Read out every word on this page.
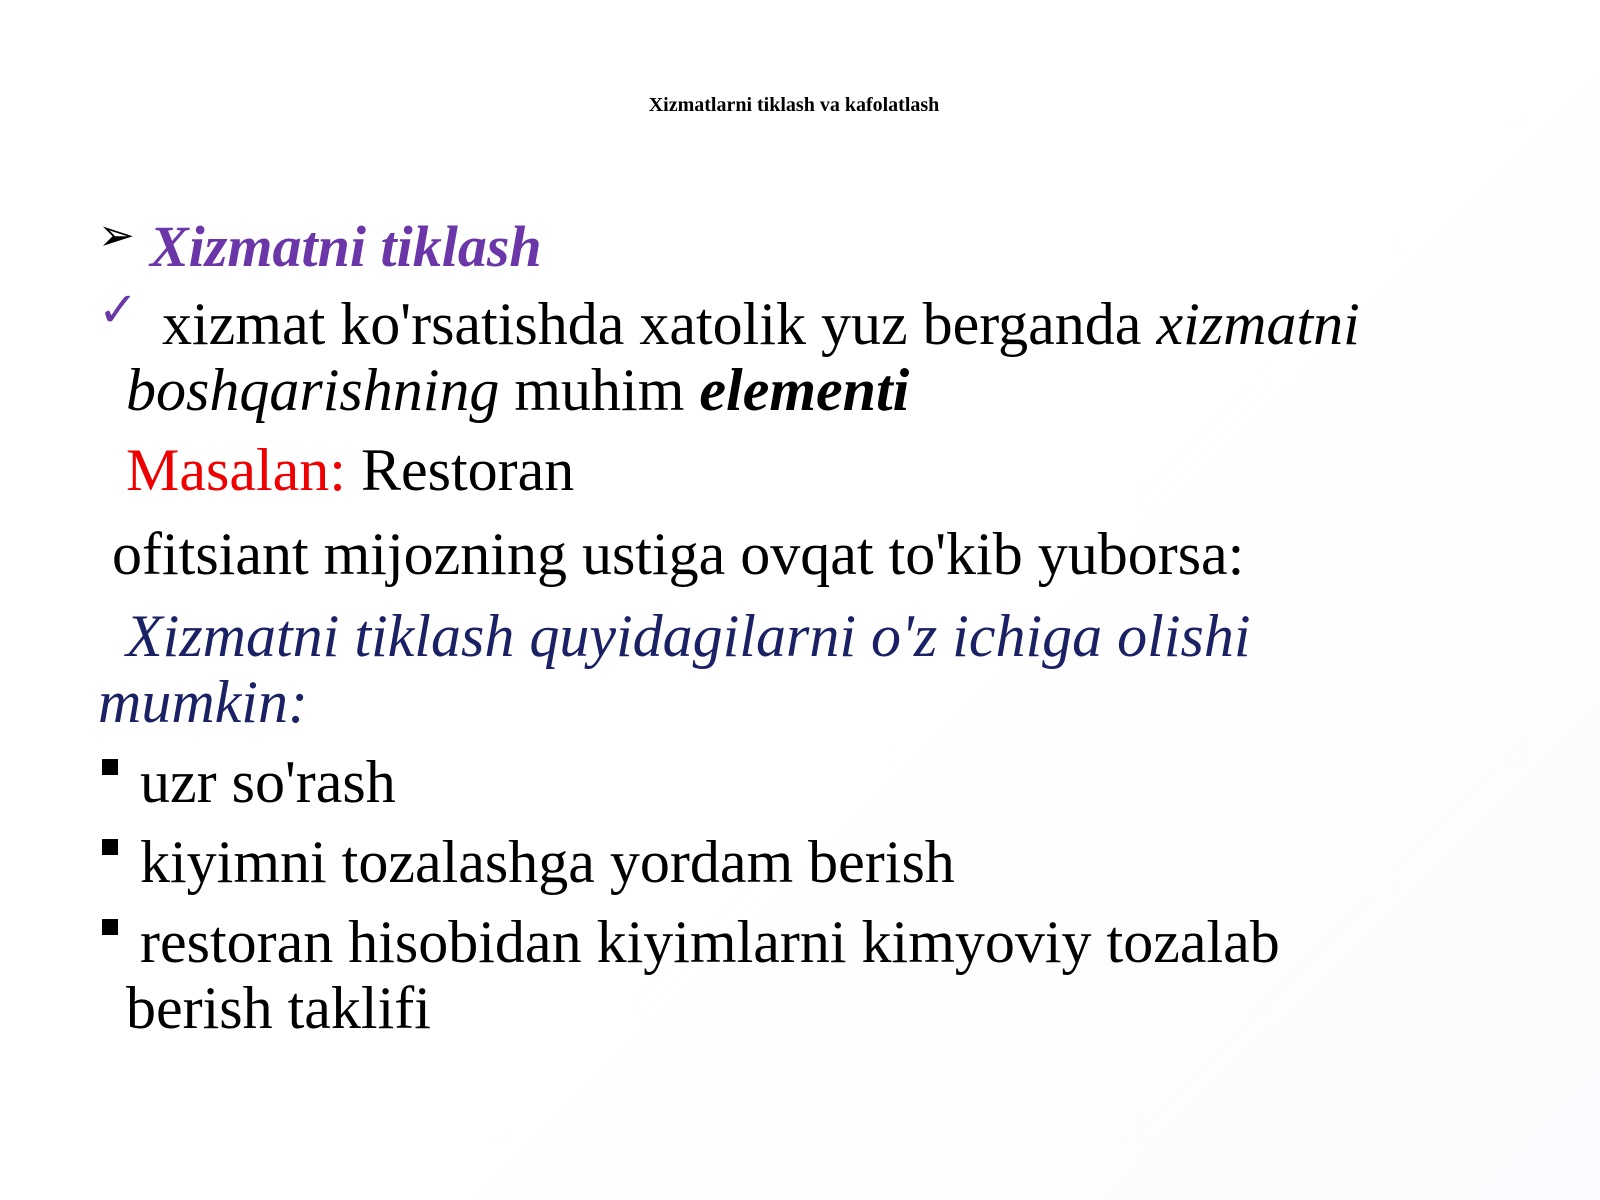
Xizmatlarni tiklash va kafolatlash
➢ Xizmatni tiklash
✓ xizmat ko'rsatishda xatolik yuz berganda xizmatni
boshqarishning muhim elementi
Masalan: Restoran
ofitsiant mijozning ustiga ovqat to'kib yuborsa:
Xizmatni tiklash quyidagilarni o'z ichiga olishi
mumkin:
uzr so'rash
kiyimni tozalashga yordam berish
restoran hisobidan kiyimlarni kimyoviy tozalab
berish taklifi
